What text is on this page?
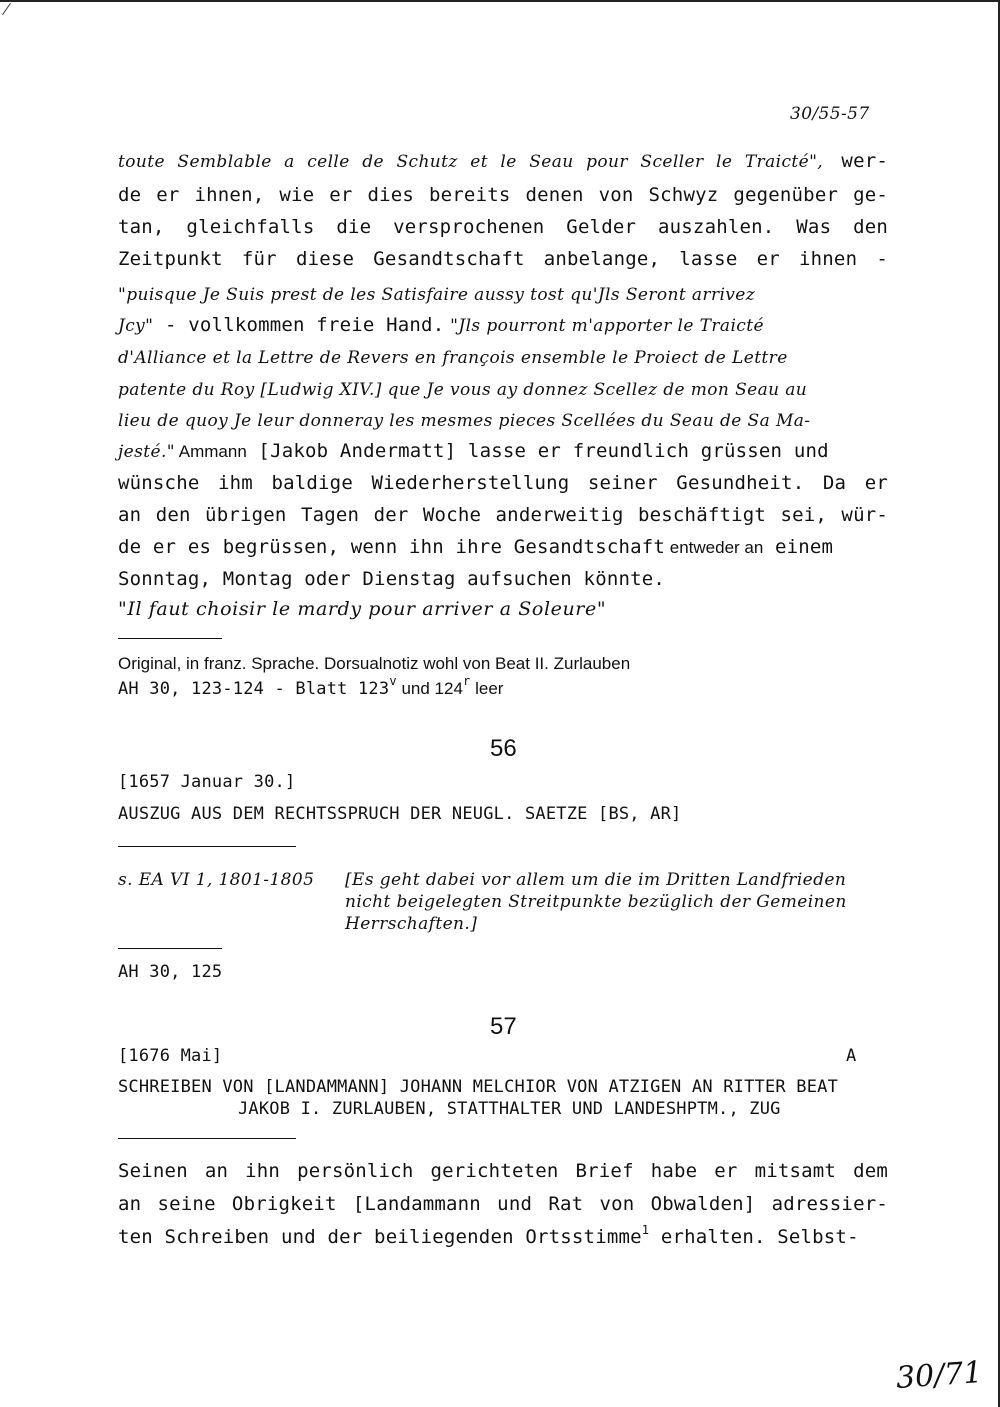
30/55-57
toute Semblable a celle de Schutz et le Seau pour Sceller le Traicté", wer-
de er ihnen, wie er dies bereits denen von Schwyz gegenüber ge-
tan, gleichfalls die versprochenen Gelder auszahlen. Was den
Zeitpunkt für diese Gesandtschaft anbelange, lasse er ihnen -
"puisque Je Suis prest de les Satisfaire aussy tost qu'Jls Seront arrivez
Jcy" - vollkommen freie Hand. "Jls pourront m'apporter le Traicté
d'Alliance et la Lettre de Revers en françois ensemble le Proiect de Lettre
patente du Roy [Ludwig XIV.] que Je vous ay donnez Scellez de mon Seau au
lieu de quoy Je leur donneray les mesmes pieces Scellées du Seau de Sa Ma-
jesté." Ammann [Jakob Andermatt] lasse er freundlich grüssen und
wünsche ihm baldige Wiederherstellung seiner Gesundheit. Da er
an den übrigen Tagen der Woche anderweitig beschäftigt sei, wür-
de er es begrüssen, wenn ihn ihre Gesandtschaft entweder an einem
Sonntag, Montag oder Dienstag aufsuchen könnte.
"Il faut choisir le mardy pour arriver a Soleure"
Original, in franz. Sprache. Dorsualnotiz wohl von Beat II. Zurlauben
AH 30, 123-124 - Blatt 123$^v$ und 124$^r$ leer
56
[1657 Januar 30.]
AUSZUG AUS DEM RECHTSSPRUCH DER NEUGL. SAETZE [BS, AR]
s. EA VI 1, 1801-1805 [Es geht dabei vor allem um die im Dritten Landfrieden
nicht beigelegten Streitpunkte bezüglich der Gemeinen
Herrschaften.]
AH 30, 125
57
[1676 Mai]	A
SCHREIBEN VON [LANDAMMANN] JOHANN MELCHIOR VON ATZIGEN AN RITTER BEAT
JAKOB I. ZURLAUBEN, STATTHALTER UND LANDESHPTM., ZUG
Seinen an ihn persönlich gerichteten Brief habe er mitsamt dem
an seine Obrigkeit [Landammann und Rat von Obwalden] adressier-
ten Schreiben und der beiliegenden Ortsstimme$^1$ erhalten. Selbst-
30/71
